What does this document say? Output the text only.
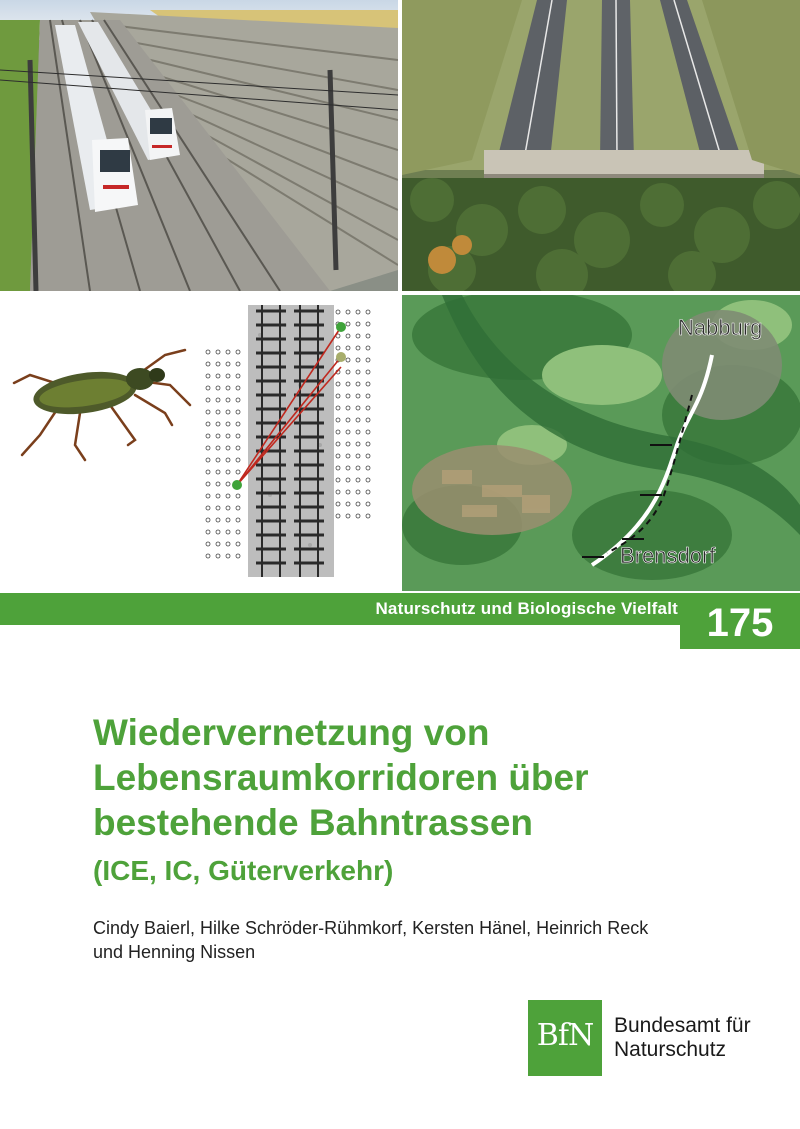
Nabburg
Brensdorf
Naturschutz und Biologische Vielfalt 175
Wiedervernetzung von
Lebensraumkorridoren über
bestehende Bahntrassen
(ICE, IC, Güterverkehr)
Cindy Baierl, Hilke Schröder-Rühmkorf, Kersten Hänel, Heinrich Reck
und Henning Nissen
BfN Bundesamt für
Naturschutz
